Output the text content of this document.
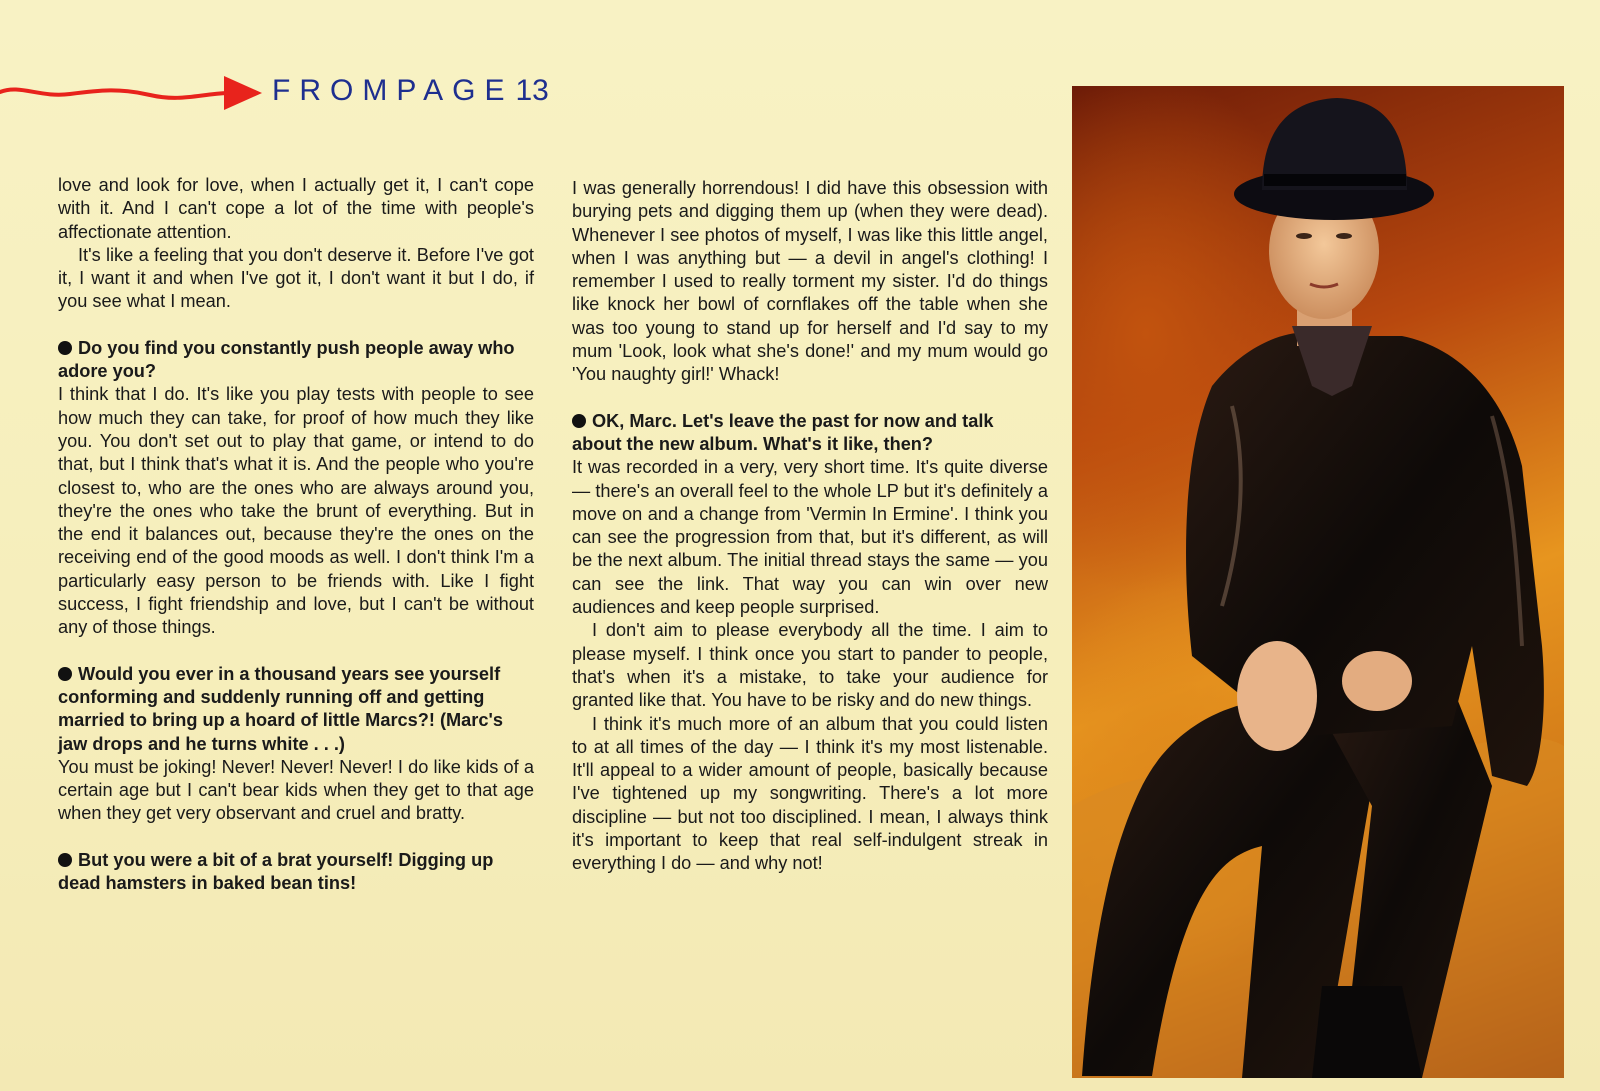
FROMPAGE13

love and look for love, when I actually get it, I can't cope with it. And I can't cope a lot of the time with people's affectionate attention.

It's like a feeling that you don't deserve it. Before I've got it, I want it and when I've got it, I don't want it but I do, if you see what I mean.

Do you find you constantly push people away who adore you?

I think that I do. It's like you play tests with people to see how much they can take, for proof of how much they like you. You don't set out to play that game, or intend to do that, but I think that's what it is. And the people who you're closest to, who are the ones who are always around you, they're the ones who take the brunt of everything. But in the end it balances out, because they're the ones on the receiving end of the good moods as well. I don't think I'm a particularly easy person to be friends with. Like I fight success, I fight friendship and love, but I can't be without any of those things.

Would you ever in a thousand years see yourself conforming and suddenly running off and getting married to bring up a hoard of little Marcs?! (Marc's jaw drops and he turns white . . .)

You must be joking! Never! Never! Never! I do like kids of a certain age but I can't bear kids when they get to that age when they get very observant and cruel and bratty.

But you were a bit of a brat yourself! Digging up dead hamsters in baked bean tins!

I was generally horrendous! I did have this obsession with burying pets and digging them up (when they were dead). Whenever I see photos of myself, I was like this little angel, when I was anything but — a devil in angel's clothing! I remember I used to really torment my sister. I'd do things like knock her bowl of cornflakes off the table when she was too young to stand up for herself and I'd say to my mum 'Look, look what she's done!' and my mum would go 'You naughty girl!' Whack!

OK, Marc. Let's leave the past for now and talk about the new album. What's it like, then?

It was recorded in a very, very short time. It's quite diverse — there's an overall feel to the whole LP but it's definitely a move on and a change from 'Vermin In Ermine'. I think you can see the progression from that, but it's different, as will be the next album. The initial thread stays the same — you can see the link. That way you can win over new audiences and keep people surprised.

I don't aim to please everybody all the time. I aim to please myself. I think once you start to pander to people, that's when it's a mistake, to take your audience for granted like that. You have to be risky and do new things.

I think it's much more of an album that you could listen to at all times of the day — I think it's my most listenable. It'll appeal to a wider amount of people, basically because I've tightened up my songwriting. There's a lot more discipline — but not too disciplined. I mean, I always think it's important to keep that real self-indulgent streak in everything I do — and why not!
